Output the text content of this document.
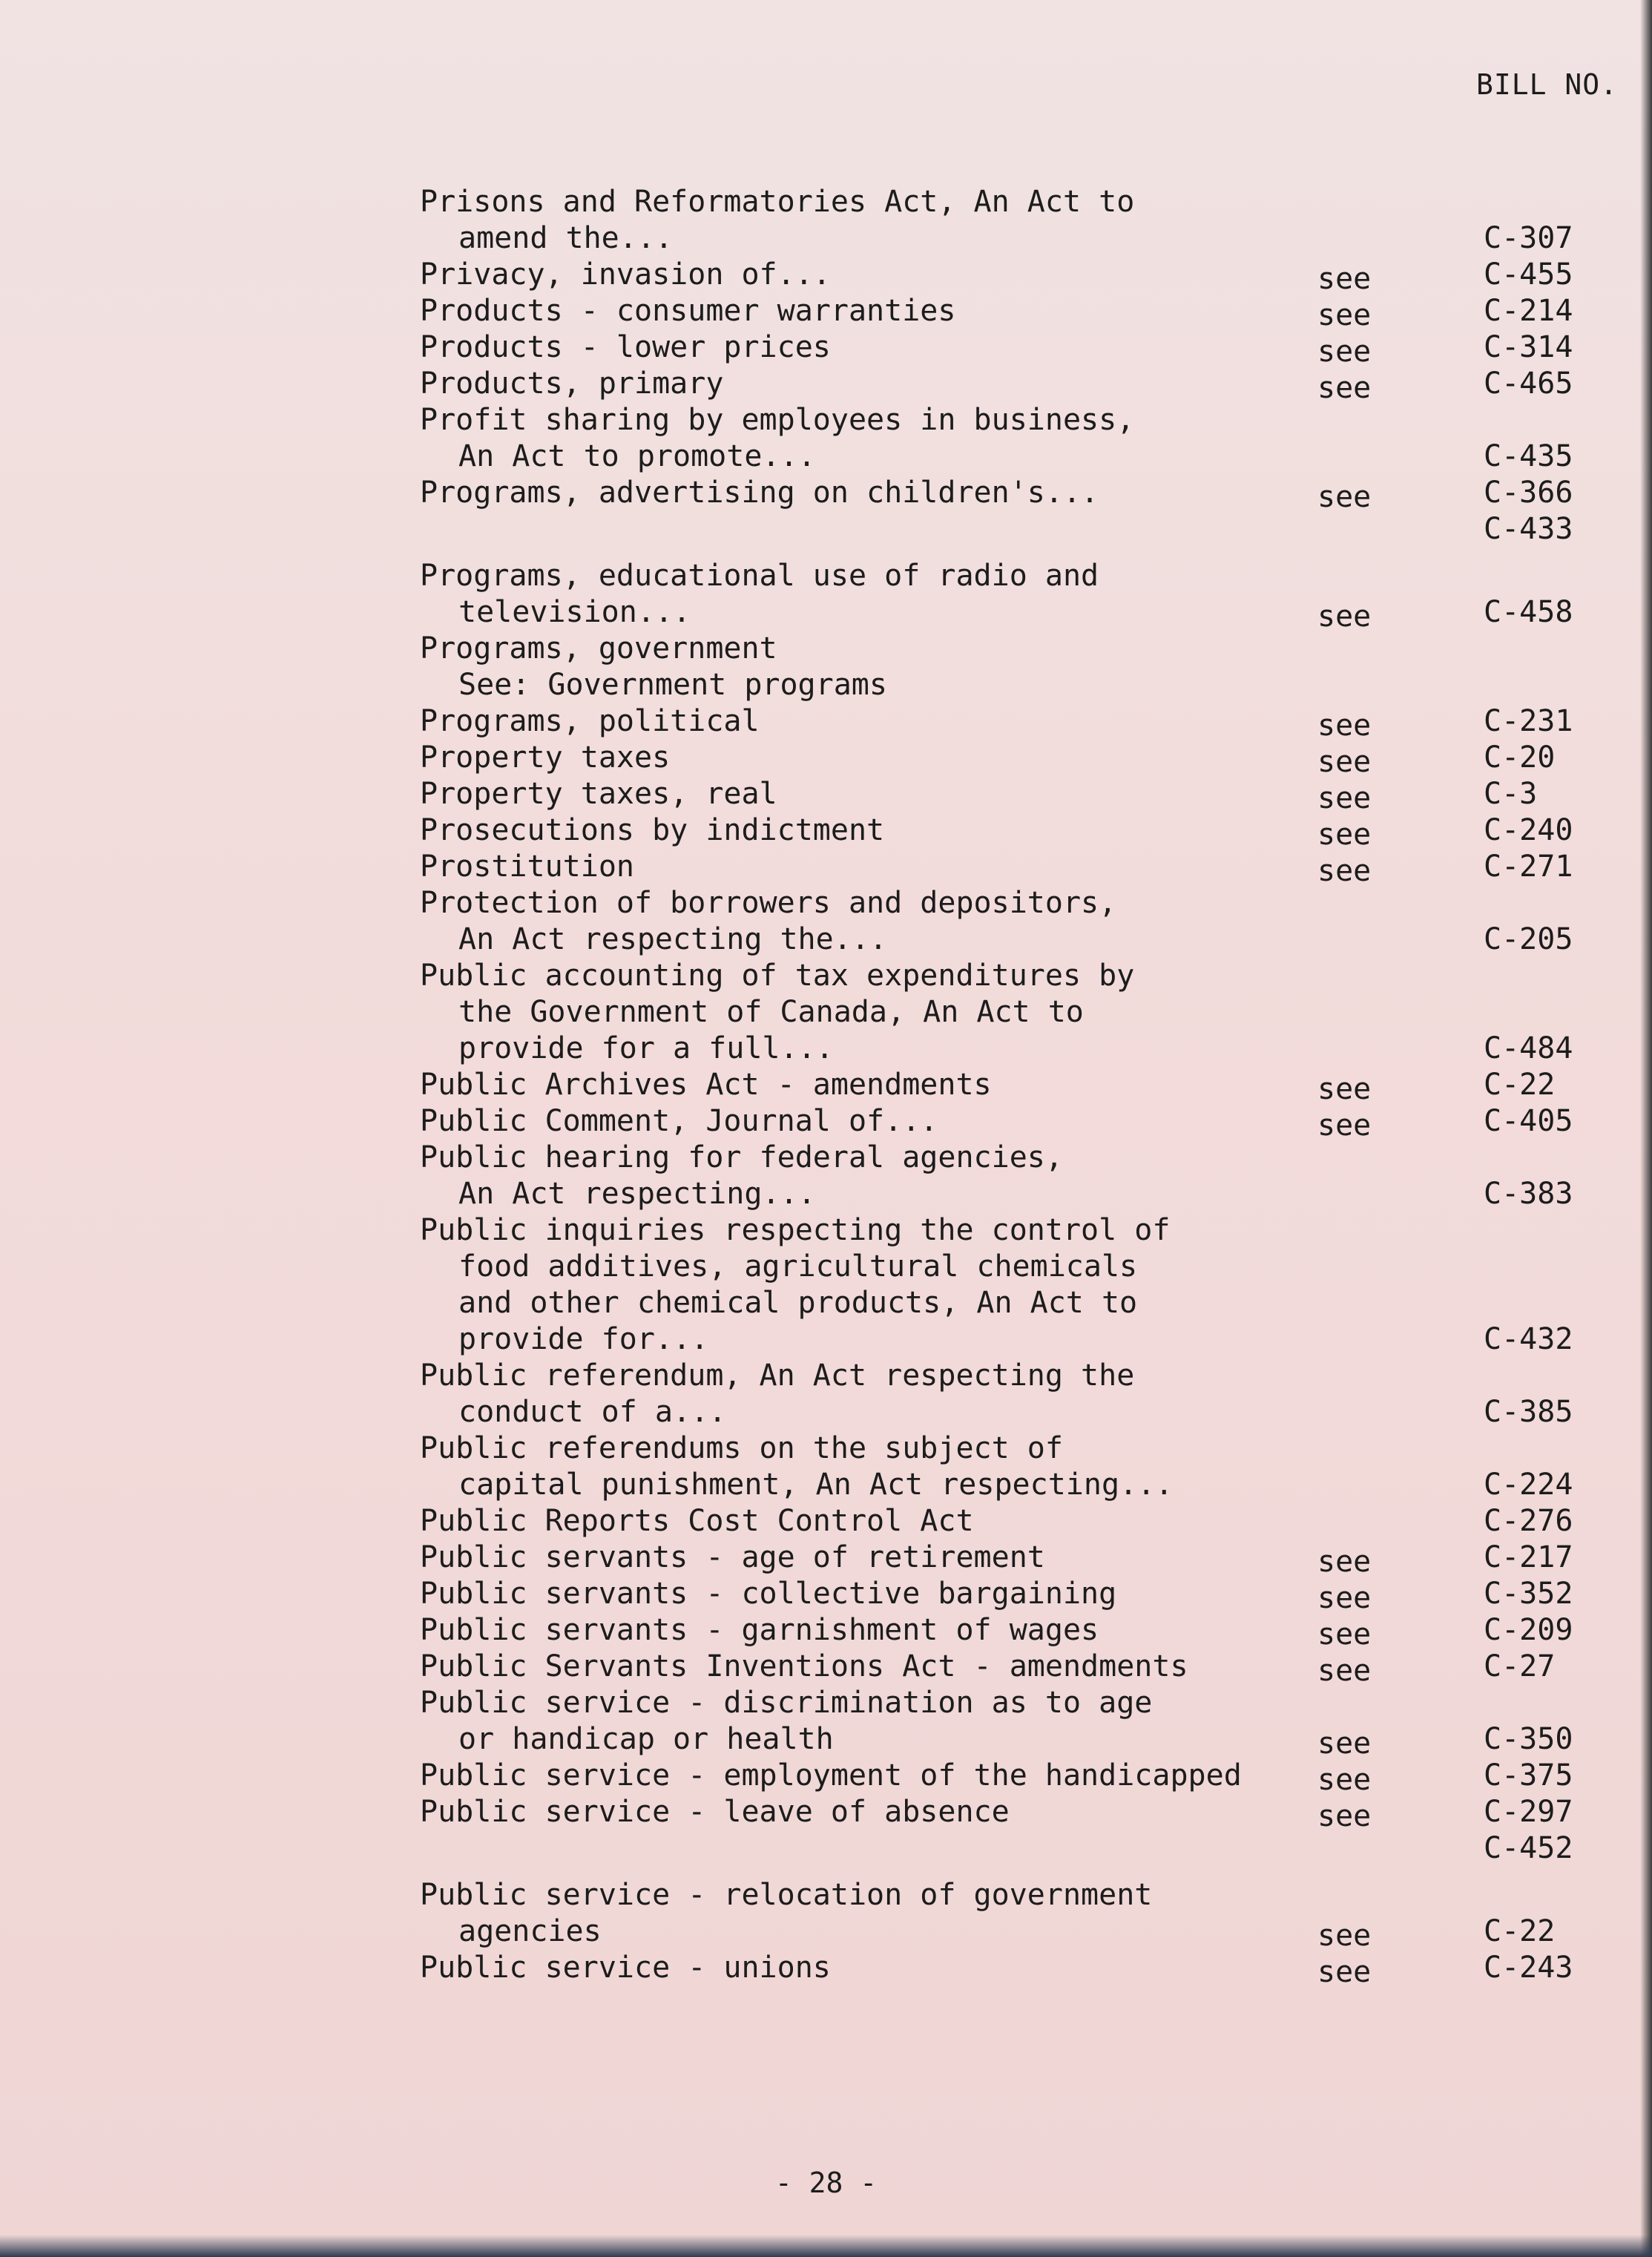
BILL NO.
Prisons and Reformatories Act, An Act to
amend the...	C-307
Privacy, invasion of...	see	C-455
Products - consumer warranties	see	C-214
Products - lower prices	see	C-314
Products, primary	see	C-465
Profit sharing by employees in business,
An Act to promote...	C-435
Programs, advertising on children's...	see	C-366
C-433
Programs, educational use of radio and
television...	see	C-458
Programs, government
See: Government programs
Programs, political	see	C-231
Property taxes	see	C-20
Property taxes, real	see	C-3
Prosecutions by indictment	see	C-240
Prostitution	see	C-271
Protection of borrowers and depositors,
An Act respecting the...	C-205
Public accounting of tax expenditures by
the Government of Canada, An Act to
provide for a full...	C-484
Public Archives Act - amendments	see	C-22
Public Comment, Journal of...	see	C-405
Public hearing for federal agencies,
An Act respecting...	C-383
Public inquiries respecting the control of
food additives, agricultural chemicals
and other chemical products, An Act to
provide for...	C-432
Public referendum, An Act respecting the
conduct of a...	C-385
Public referendums on the subject of
capital punishment, An Act respecting...	C-224
Public Reports Cost Control Act	C-276
Public servants - age of retirement	see	C-217
Public servants - collective bargaining	see	C-352
Public servants - garnishment of wages	see	C-209
Public Servants Inventions Act - amendments	see	C-27
Public service - discrimination as to age
or handicap or health	see	C-350
Public service - employment of the handicapped	see	C-375
Public service - leave of absence	see	C-297
C-452
Public service - relocation of government
agencies	see	C-22
Public service - unions	see	C-243
- 28 -
